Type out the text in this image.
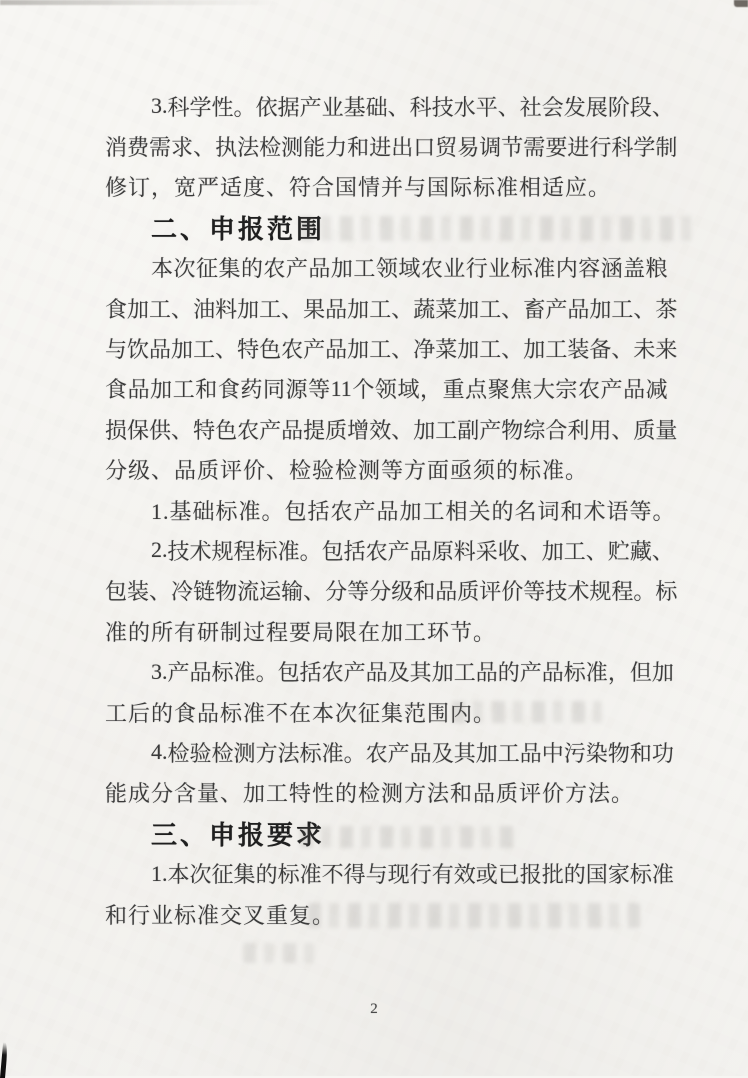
3. 科 学 性 。 依 据 产 业 基 础 、 科 技 水 平 、 社 会 发 展 阶 段 、
消 费 需 求 、 执 法 检 测 能 力 和 进 出 口 贸 易 调 节 需 要 进 行 科 学 制
修订，宽严适度、符合国情并与国际标准相适应。
二、申报范围
本 次 征 集 的 农 产 品 加 工 领 域 农 业 行 业 标 准 内 容 涵 盖 粮
食 加 工 、 油 料 加 工 、 果 品 加 工 、 蔬 菜 加 工 、 畜 产 品 加 工 、 茶
与 饮 品 加 工 、 特 色 农 产 品 加 工 、 净 菜 加 工 、 加 工 装 备 、 未 来
食 品 加 工 和 食 药 同 源 等 11 个 领 域 ， 重 点 聚 焦 大 宗 农 产 品 减
损 保 供 、 特 色 农 产 品 提 质 增 效 、 加 工 副 产 物 综 合 利 用 、 质 量
分级、品质评价、检验检测等方面亟须的标准。
1.基础标准。包括农产品加工相关的名词和术语等。
2. 技 术 规 程 标 准 。 包 括 农 产 品 原 料 采 收 、 加 工 、 贮 藏 、
包 装 、 冷 链 物 流 运 输 、 分 等 分 级 和 品 质 评 价 等 技 术 规 程 。 标
准的所有研制过程要局限在加工环节。
3. 产 品 标 准 。 包 括 农 产 品 及 其 加 工 品 的 产 品 标 准 ， 但 加
工后的食品标准不在本次征集范围内。
4. 检 验 检 测 方 法 标 准 。 农 产 品 及 其 加 工 品 中 污 染 物 和 功
能成分含量、加工特性的检测方法和品质评价方法。
三、申报要求
1. 本 次 征 集 的 标 准 不 得 与 现 行 有 效 或 已 报 批 的 国 家 标 准
和行业标准交叉重复。
2
